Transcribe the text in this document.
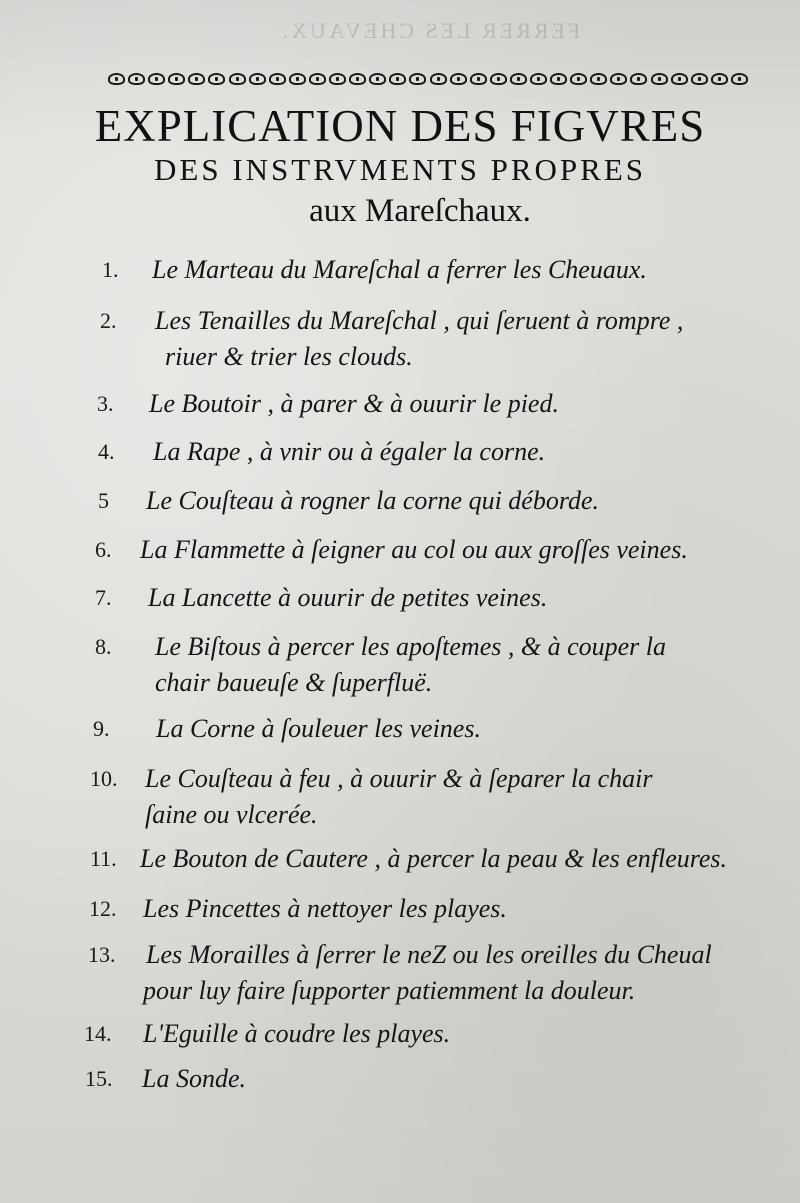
FERRER LES CHEVAUX.
EXPLICATION DES FIGVRES
DES INSTRVMENTS PROPRES
aux Mareſchaux.
1. Le Marteau du Mareſchal a ferrer les Cheuaux.
2. Les Tenailles du Mareſchal , qui ſeruent à rompre ,
riuer & trier les clouds.
3. Le Boutoir , à parer & à ouurir le pied.
4. La Rape , à vnir ou à égaler la corne.
5 Le Couſteau à rogner la corne qui déborde.
6. La Flammette à ſeigner au col ou aux groſſes veines.
7. La Lancette à ouurir de petites veines.
8. Le Biſtous à percer les apoſtemes , & à couper la
chair baueuſe & ſuperfluë.
9. La Corne à ſouleuer les veines.
10. Le Couſteau à feu , à ouurir & à ſeparer la chair
ſaine ou vlcerée.
11. Le Bouton de Cautere , à percer la peau & les enfleures.
12. Les Pincettes à nettoyer les playes.
13. Les Morailles à ſerrer le neZ ou les oreilles du Cheual
pour luy faire ſupporter patiemment la douleur.
14. L'Eguille à coudre les playes.
15. La Sonde.
